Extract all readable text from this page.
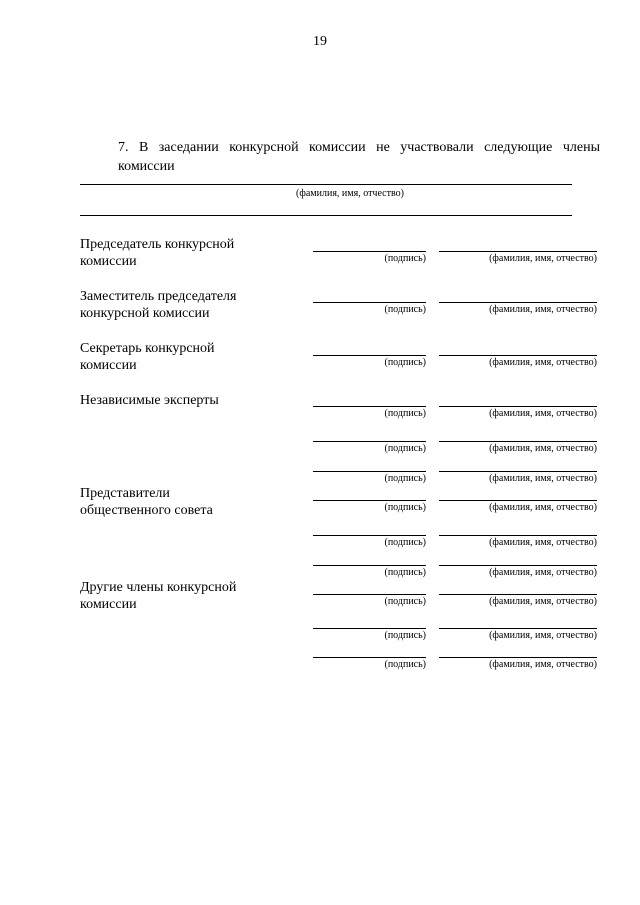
19
7. В заседании конкурсной комиссии не участвовали следующие члены
комиссии
(фамилия, имя, отчество)
Председатель конкурсной
комиссии	(подпись)	(фамилия, имя, отчество)
Заместитель председателя
конкурсной комиссии	(подпись)	(фамилия, имя, отчество)
Секретарь конкурсной
комиссии	(подпись)	(фамилия, имя, отчество)
Независимые эксперты
(подпись)	(фамилия, имя, отчество)
(подпись)	(фамилия, имя, отчество)
(подпись)	(фамилия, имя, отчество)
Представители
общественного совета	(подпись)	(фамилия, имя, отчество)
(подпись)	(фамилия, имя, отчество)
(подпись)	(фамилия, имя, отчество)
Другие члены конкурсной
комиссии	(подпись)	(фамилия, имя, отчество)
(подпись)	(фамилия, имя, отчество)
(подпись)	(фамилия, имя, отчество)
